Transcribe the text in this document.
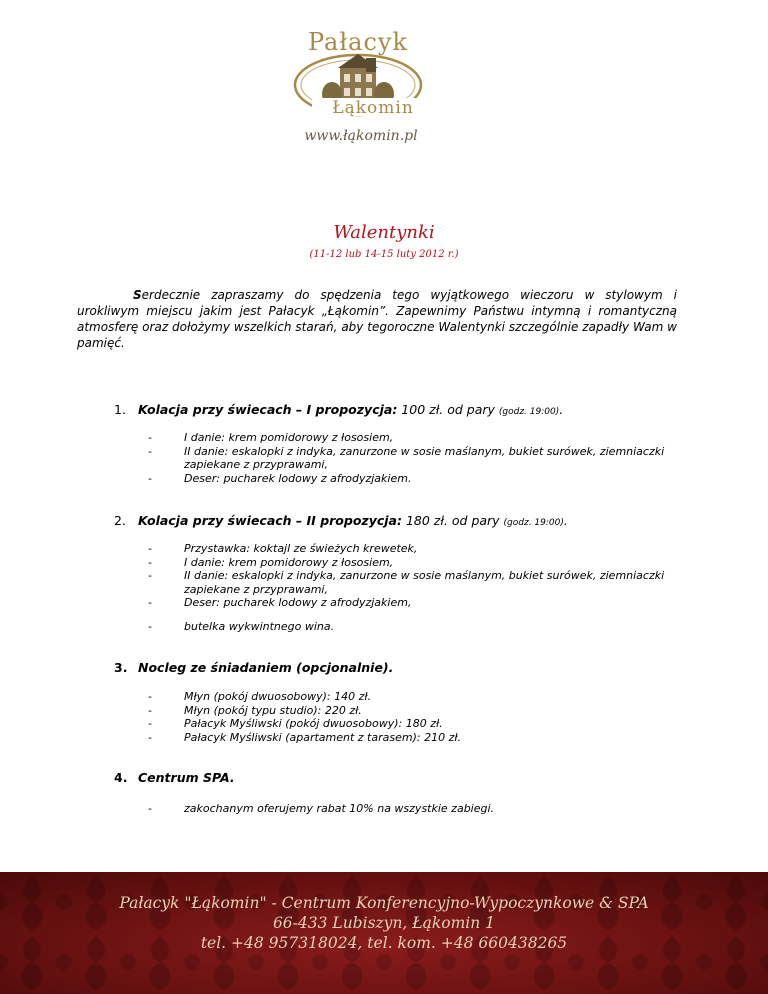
Pałacyk
Łąkomin
www.łąkomin.pl
Walentynki
(11-12 lub 14-15 luty 2012 r.)
Serdecznie zapraszamy do spędzenia tego wyjątkowego wieczoru w stylowym i urokliwym miejscu jakim jest Pałacyk „Łąkomin”. Zapewnimy Państwu intymną i romantyczną atmosferę oraz dołożymy wszelkich starań, aby tegoroczne Walentynki szczególnie zapadły Wam w pamięć.
1. Kolacja przy świecach – I propozycja: 100 zł. od pary (godz. 19:00).
-	I danie: krem pomidorowy z łososiem,
-	II danie: eskalopki z indyka, zanurzone w sosie maślanym, bukiet surówek, ziemniaczki zapiekane z przyprawami,
-	Deser: pucharek lodowy z afrodyzjakiem.
2. Kolacja przy świecach – II propozycja: 180 zł. od pary (godz. 19:00).
-	Przystawka: koktajl ze świeżych krewetek,
-	I danie: krem pomidorowy z łososiem,
-	II danie: eskalopki z indyka, zanurzone w sosie maślanym, bukiet surówek, ziemniaczki zapiekane z przyprawami,
-	Deser: pucharek lodowy z afrodyzjakiem,
-	butelka wykwintnego wina.
3. Nocleg ze śniadaniem (opcjonalnie).
-	Młyn (pokój dwuosobowy): 140 zł.
-	Młyn (pokój typu studio): 220 zł.
-	Pałacyk Myśliwski (pokój dwuosobowy): 180 zł.
-	Pałacyk Myśliwski (apartament z tarasem): 210 zł.
4. Centrum SPA.
-	zakochanym oferujemy rabat 10% na wszystkie zabiegi.
Pałacyk "Łąkomin" - Centrum Konferencyjno-Wypoczynkowe & SPA
66-433 Lubiszyn, Łąkomin 1
tel. +48 957318024, tel. kom. +48 660438265
